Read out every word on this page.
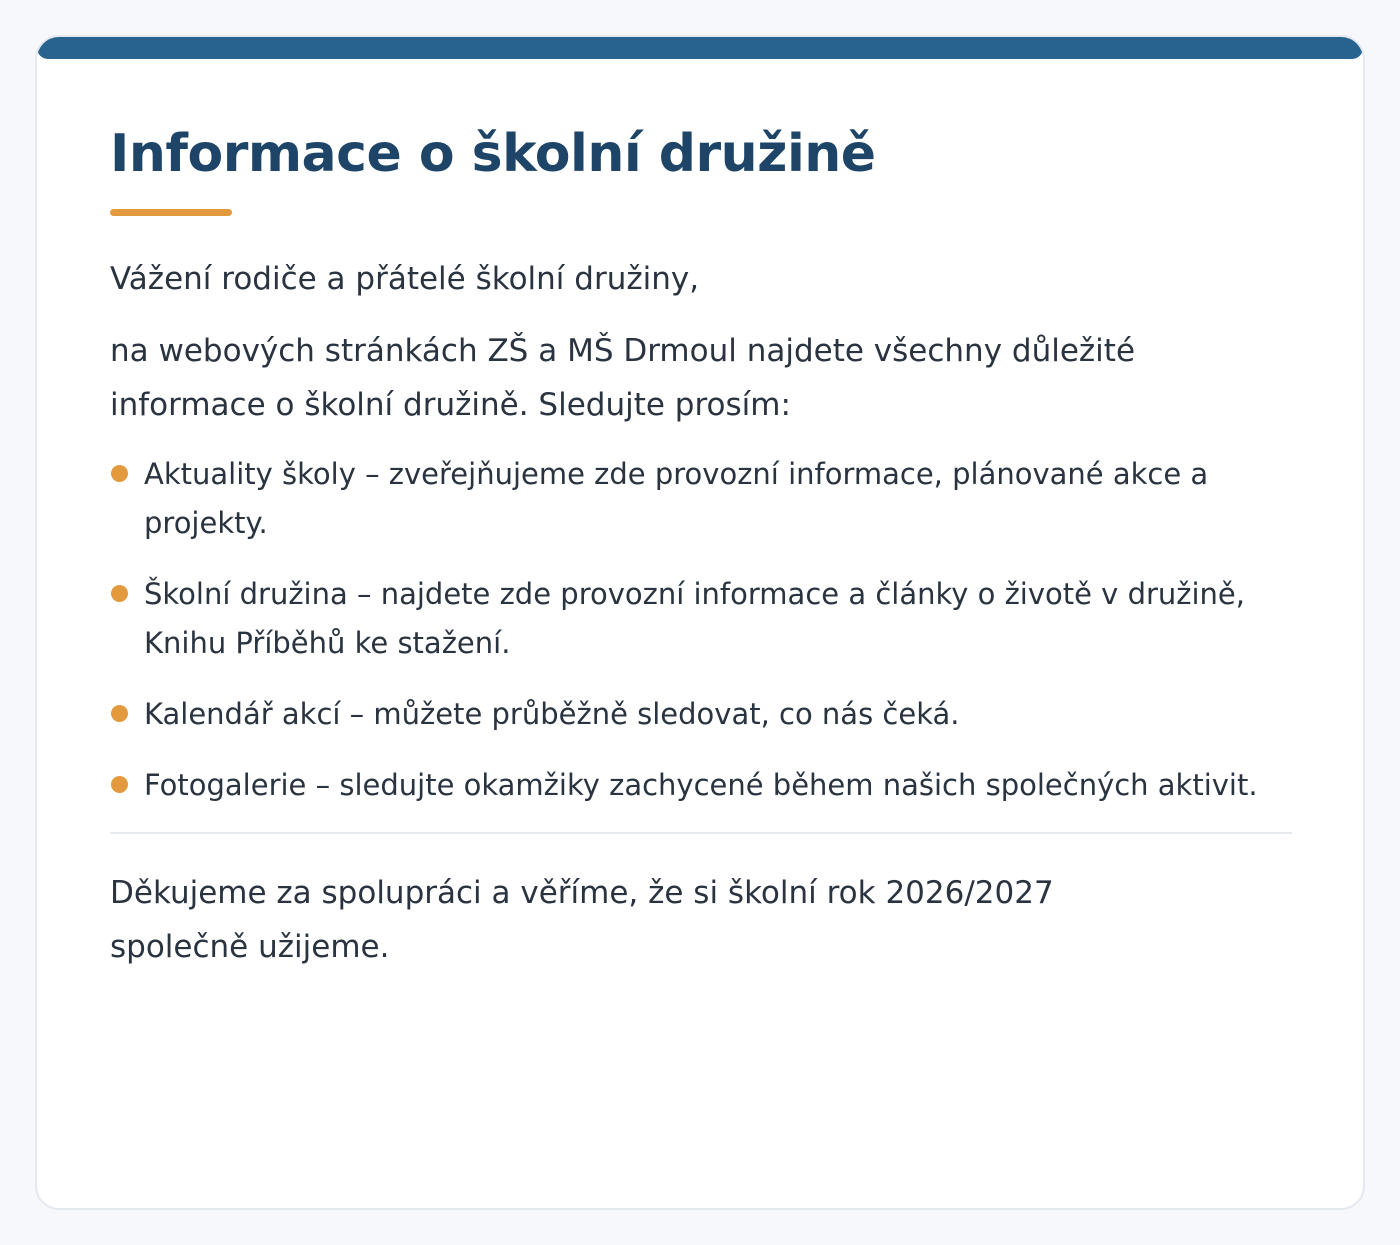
Informace o školní družině

Vážení rodiče a přátelé školní družiny,

na webových stránkách ZŠ a MŠ Drmoul najdete všechny důležité informace o školní družině. Sledujte prosím:

Aktuality školy – zveřejňujeme zde provozní informace, plánované akce a projekty.
Školní družina – najdete zde provozní informace a články o životě v družině, Knihu Příběhů ke stažení.
Kalendář akcí – můžete průběžně sledovat, co nás čeká.
Fotogalerie – sledujte okamžiky zachycené během našich společných aktivit.

Děkujeme za spolupráci a věříme, že si školní rok 2026/2027 společně užijeme.
